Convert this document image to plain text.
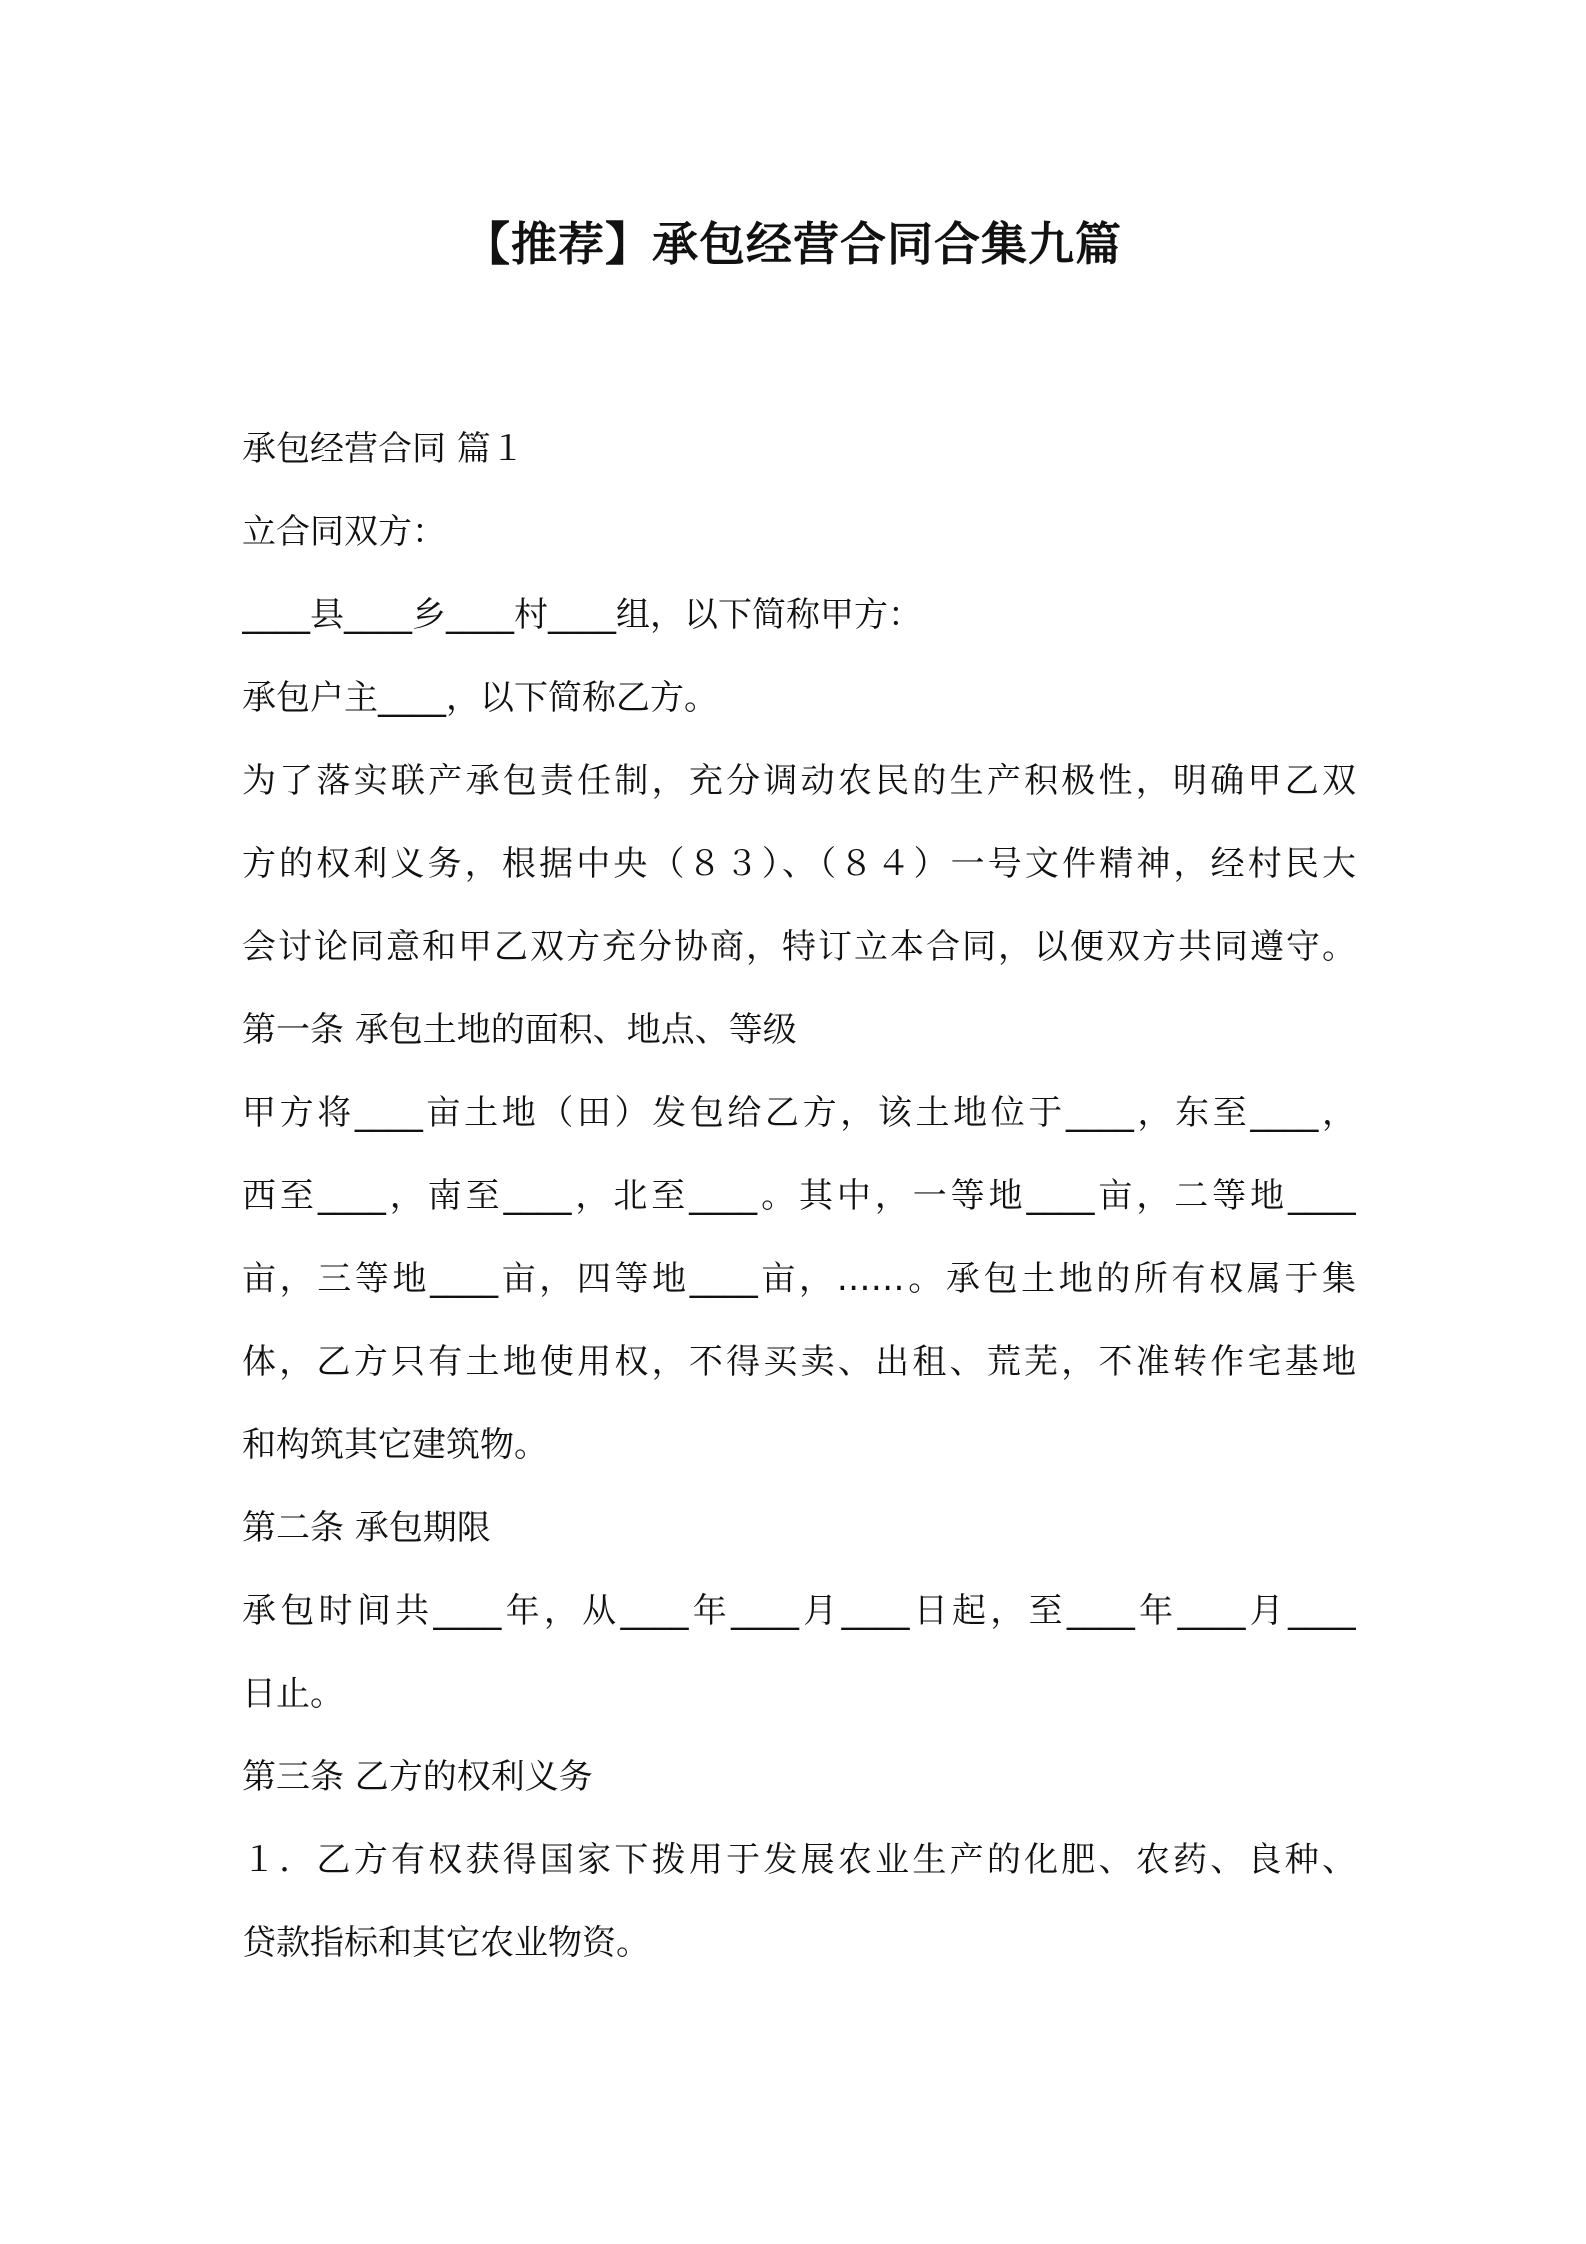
【推荐】承包经营合同合集九篇
承包经营合同 篇１
立合同双方：
____县____乡____村____组，以下简称甲方：
承包户主____，以下简称乙方。
为了落实联产承包责任制，充分调动农民的生产积极性，明确甲乙双
方的权利义务，根据中央（８３）、（８４）一号文件精神，经村民大
会讨论同意和甲乙双方充分协商，特订立本合同，以便双方共同遵守。
第一条 承包土地的面积、地点、等级
甲方将____亩土地（田）发包给乙方，该土地位于____，东至____，
西至____，南至____，北至____。其中，一等地____亩，二等地____
亩，三等地____亩，四等地____亩，……。承包土地的所有权属于集
体，乙方只有土地使用权，不得买卖、出租、荒芜，不准转作宅基地
和构筑其它建筑物。
第二条 承包期限
承包时间共____年，从____年____月____日起，至____年____月____
日止。
第三条 乙方的权利义务
１．乙方有权获得国家下拨用于发展农业生产的化肥、农药、良种、
贷款指标和其它农业物资。
